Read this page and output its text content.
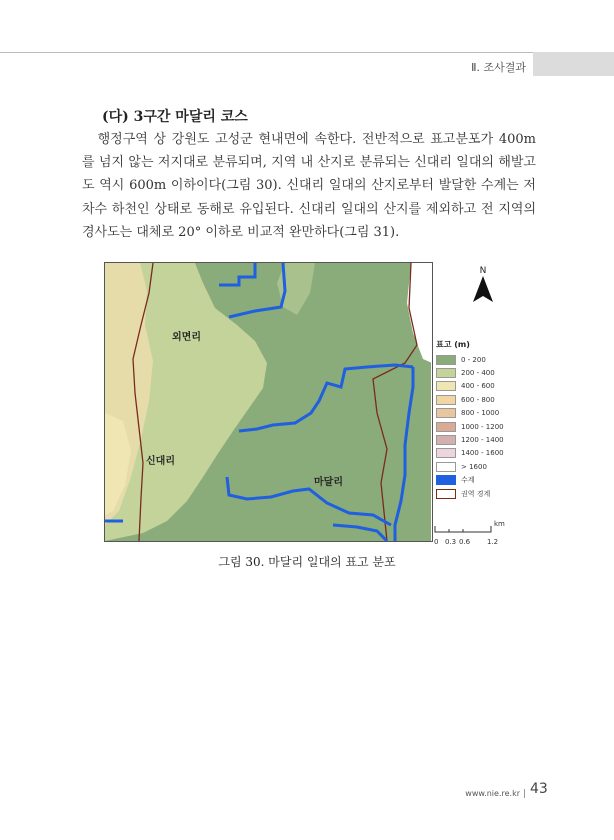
Ⅱ. 조사결과
(다) 3구간 마달리 코스

행정구역 상 강원도 고성군 현내면에 속한다. 전반적으로 표고분포가 400m를 넘지 않는 저지대로 분류되며, 지역 내 산지로 분류되는 신대리 일대의 해발고도 역시 600m 이하이다(그림 30). 신대리 일대의 산지로부터 발달한 수계는 저차수 하천인 상태로 동해로 유입된다. 신대리 일대의 산지를 제외하고 전 지역의 경사도는 대체로 20° 이하로 비교적 완만하다(그림 31).

외면리
신대리
마달리
N
표고 (m)
0 - 200
200 - 400
400 - 600
600 - 800
800 - 1000
1000 - 1200
1200 - 1400
1400 - 1600
> 1600
수계
권역 경계
km
0 0.3 0.6 1.2
그림 30. 마달리 일대의 표고 분포
www.nie.re.kr 43
